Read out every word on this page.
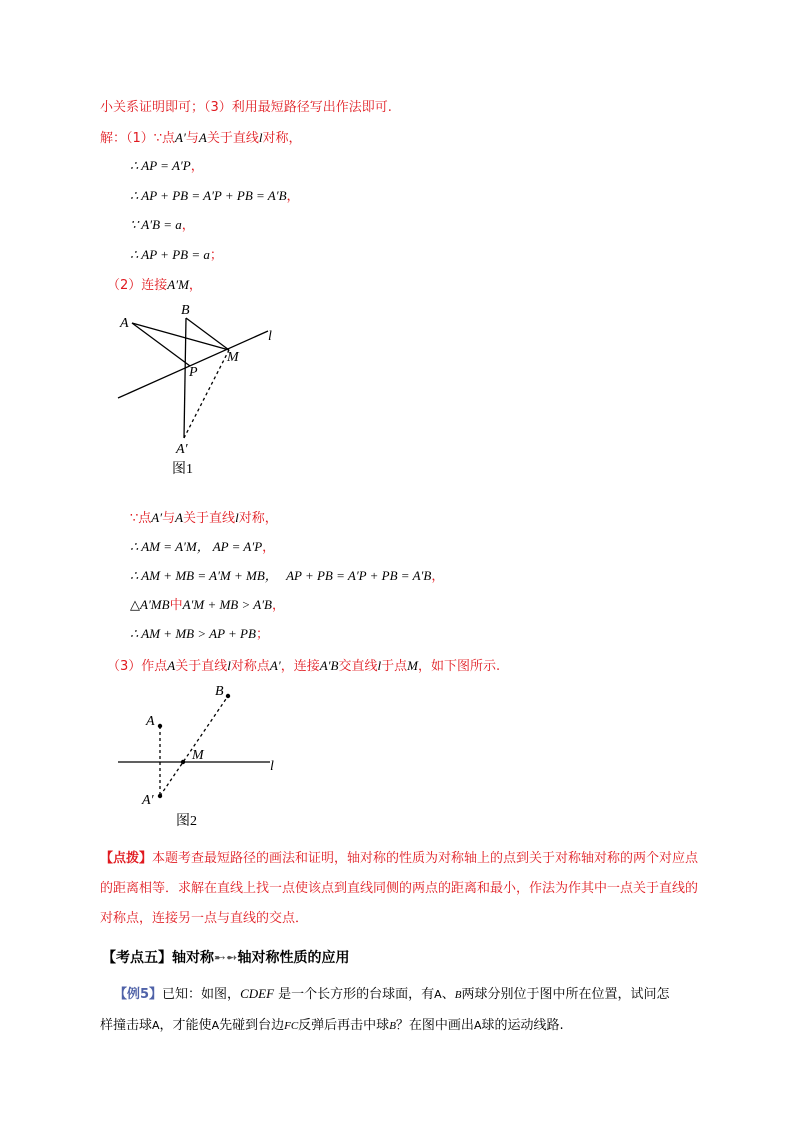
小关系证明即可；（3）利用最短路径写出作法即可.
解：（1）∵点A′与A关于直线l对称，
∴ AP = A′P，
∴ AP + PB = A′P + PB = A′B，
∵ A′B = a，
∴ AP + PB = a；
（2）连接A′M，
A
B
l
M
P
A′
图1
∵点A′与A关于直线l对称，
∴ AM = A′M， AP = A′P，
∴ AM + MB = A′M + MB， AP + PB = A′P + PB = A′B，
△A′MB中A′M + MB > A′B，
∴ AM + MB > AP + PB；
（3）作点A关于直线l对称点A′，连接A′B交直线l于点M，如下图所示.
B
A
M
l
A′
图2
【点拨】本题考查最短路径的画法和证明，轴对称的性质为对称轴上的点到关于对称轴对称的两个对应点的距离相等．求解在直线上找一点使该点到直线同侧的两点的距离和最小，作法为作其中一点关于直线的对称点，连接另一点与直线的交点．
【考点五】轴对称➸➻轴对称性质的应用
【例5】已知：如图，CDEF 是一个长方形的台球面，有A、B两球分别位于图中所在位置，试问怎
样撞击球A，才能使A先碰到台边FC反弹后再击中球B？在图中画出A球的运动线路.
